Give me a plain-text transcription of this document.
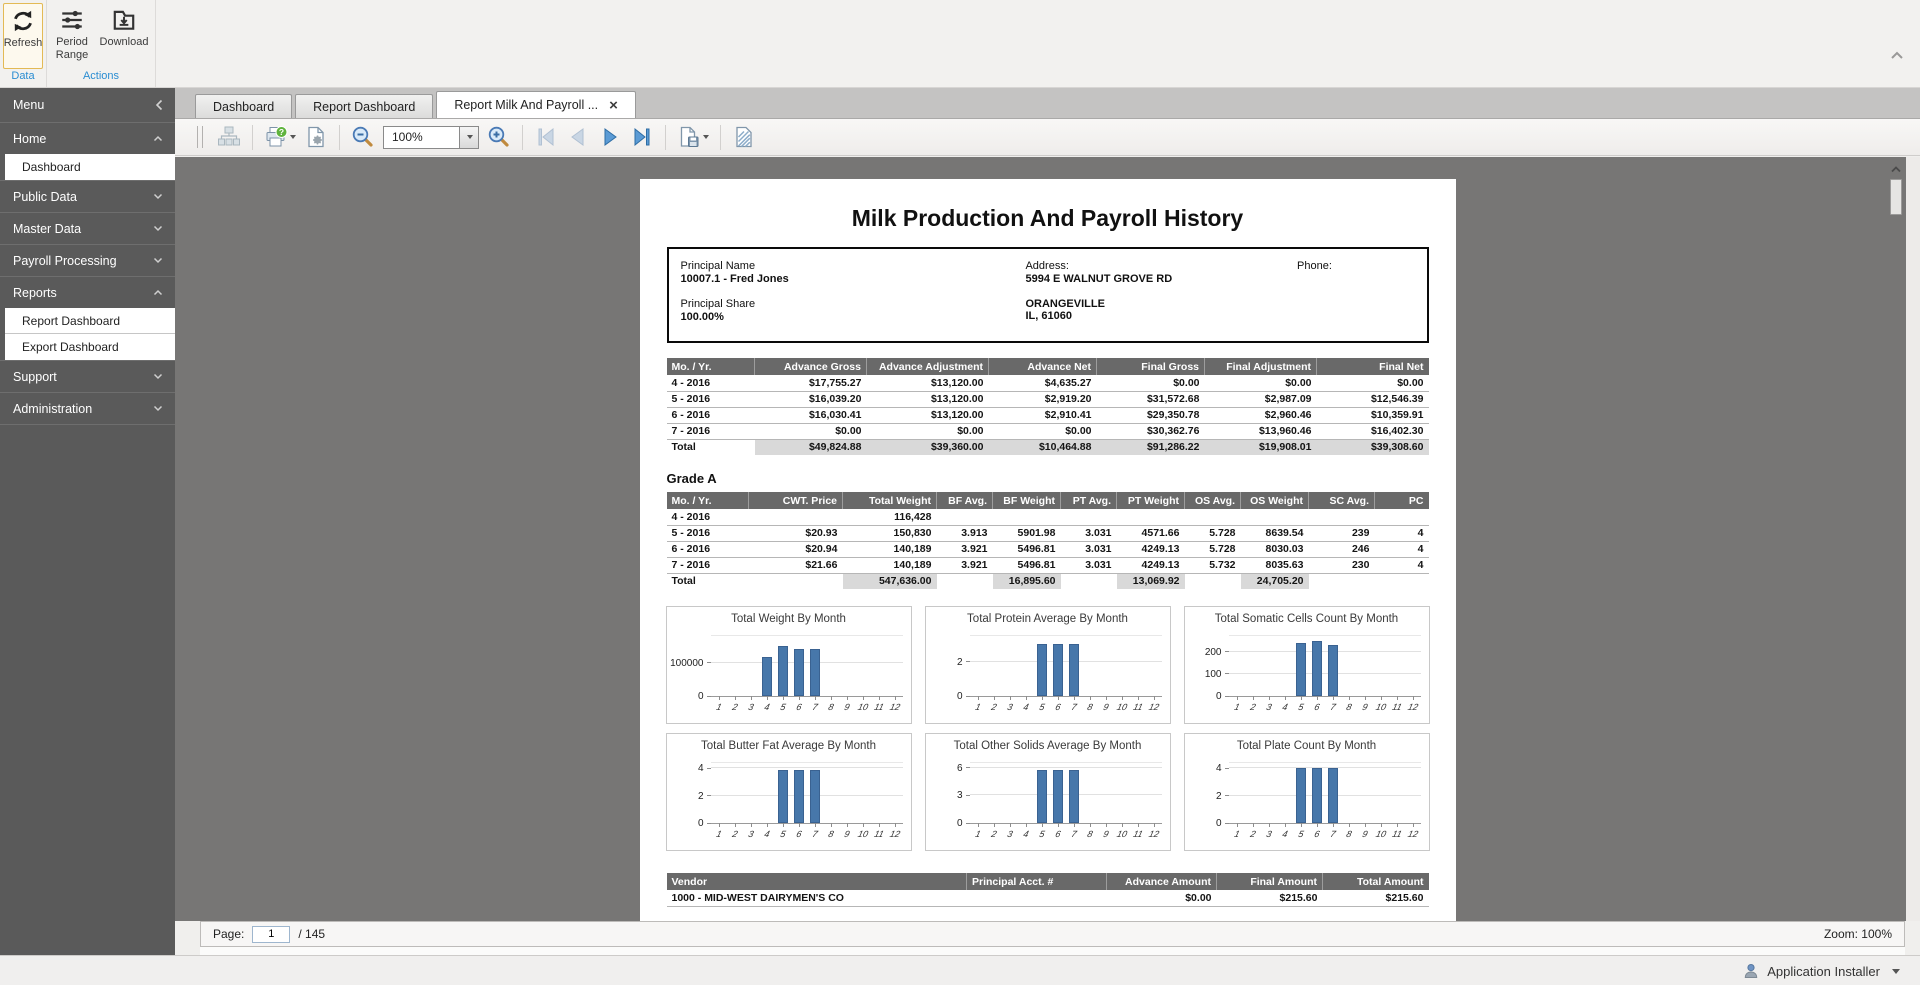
Refresh
Data
Period Range
Download
Actions
Menu
Home
Dashboard
Public Data
Master Data
Payroll Processing
Reports
Report Dashboard
Export Dashboard
Support
Administration
Dashboard	Report Dashboard	Report Milk And Payroll ... ×
?	100%
Milk Production And Payroll History
Principal Name
10007.1 - Fred Jones
Principal Share
100.00%
Address:
5994 E WALNUT GROVE RD
ORANGEVILLE
IL, 61060
Phone:
Mo. / Yr.	Advance Gross	Advance Adjustment	Advance Net	Final Gross	Final Adjustment	Final Net
4 - 2016	$17,755.27	$13,120.00	$4,635.27	$0.00	$0.00	$0.00
5 - 2016	$16,039.20	$13,120.00	$2,919.20	$31,572.68	$2,987.09	$12,546.39
6 - 2016	$16,030.41	$13,120.00	$2,910.41	$29,350.78	$2,960.46	$10,359.91
7 - 2016	$0.00	$0.00	$0.00	$30,362.76	$13,960.46	$16,402.30
Total	$49,824.88	$39,360.00	$10,464.88	$91,286.22	$19,908.01	$39,308.60
Grade A
Mo. / Yr.	CWT. Price	Total Weight	BF Avg.	BF Weight	PT Avg.	PT Weight	OS Avg.	OS Weight	SC Avg.	PC
4 - 2016		116,428								
5 - 2016	$20.93	150,830	3.913	5901.98	3.031	4571.66	5.728	8639.54	239	4
6 - 2016	$20.94	140,189	3.921	5496.81	3.031	4249.13	5.728	8030.03	246	4
7 - 2016	$21.66	140,189	3.921	5496.81	3.031	4249.13	5.732	8035.63	230	4
Total		547,636.00		16,895.60		13,069.92		24,705.20		
Total Weight By Month
0
100000
1 2 3 4 5 6 7 8 9 10 11 12
Total Protein Average By Month
0
2
1 2 3 4 5 6 7 8 9 10 11 12
Total Somatic Cells Count By Month
0
100
200
1 2 3 4 5 6 7 8 9 10 11 12
Total Butter Fat Average By Month
0
2
4
1 2 3 4 5 6 7 8 9 10 11 12
Total Other Solids Average By Month
0
3
6
1 2 3 4 5 6 7 8 9 10 11 12
Total Plate Count By Month
0
2
4
1 2 3 4 5 6 7 8 9 10 11 12
Vendor	Principal Acct. #	Advance Amount	Final Amount	Total Amount
1000 - MID-WEST DAIRYMEN'S CO		$0.00	$215.60	$215.60
Page:
1	/ 145	Zoom: 100%
Application Installer
